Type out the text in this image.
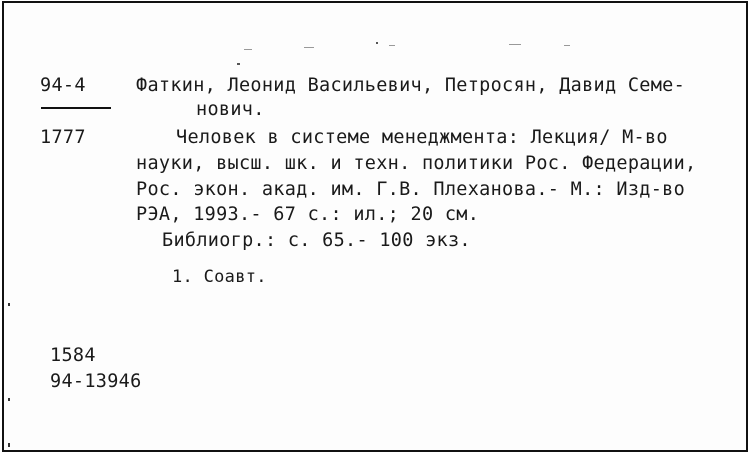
94-4
1777
Фаткин, Леонид Васильевич, Петросян, Давид Семе-
нович.
Человек в системе менеджмента: Лекция/ М-во
науки, высш. шк. и техн. политики Рос. Федерации,
Рос. экон. акад. им. Г.В. Плеханова.- М.: Изд-во
РЭА, 1993.- 67 с.: ил.; 20 см.
Библиогр.: с. 65.- 100 экз.
1. Соавт.
1584
94-13946
